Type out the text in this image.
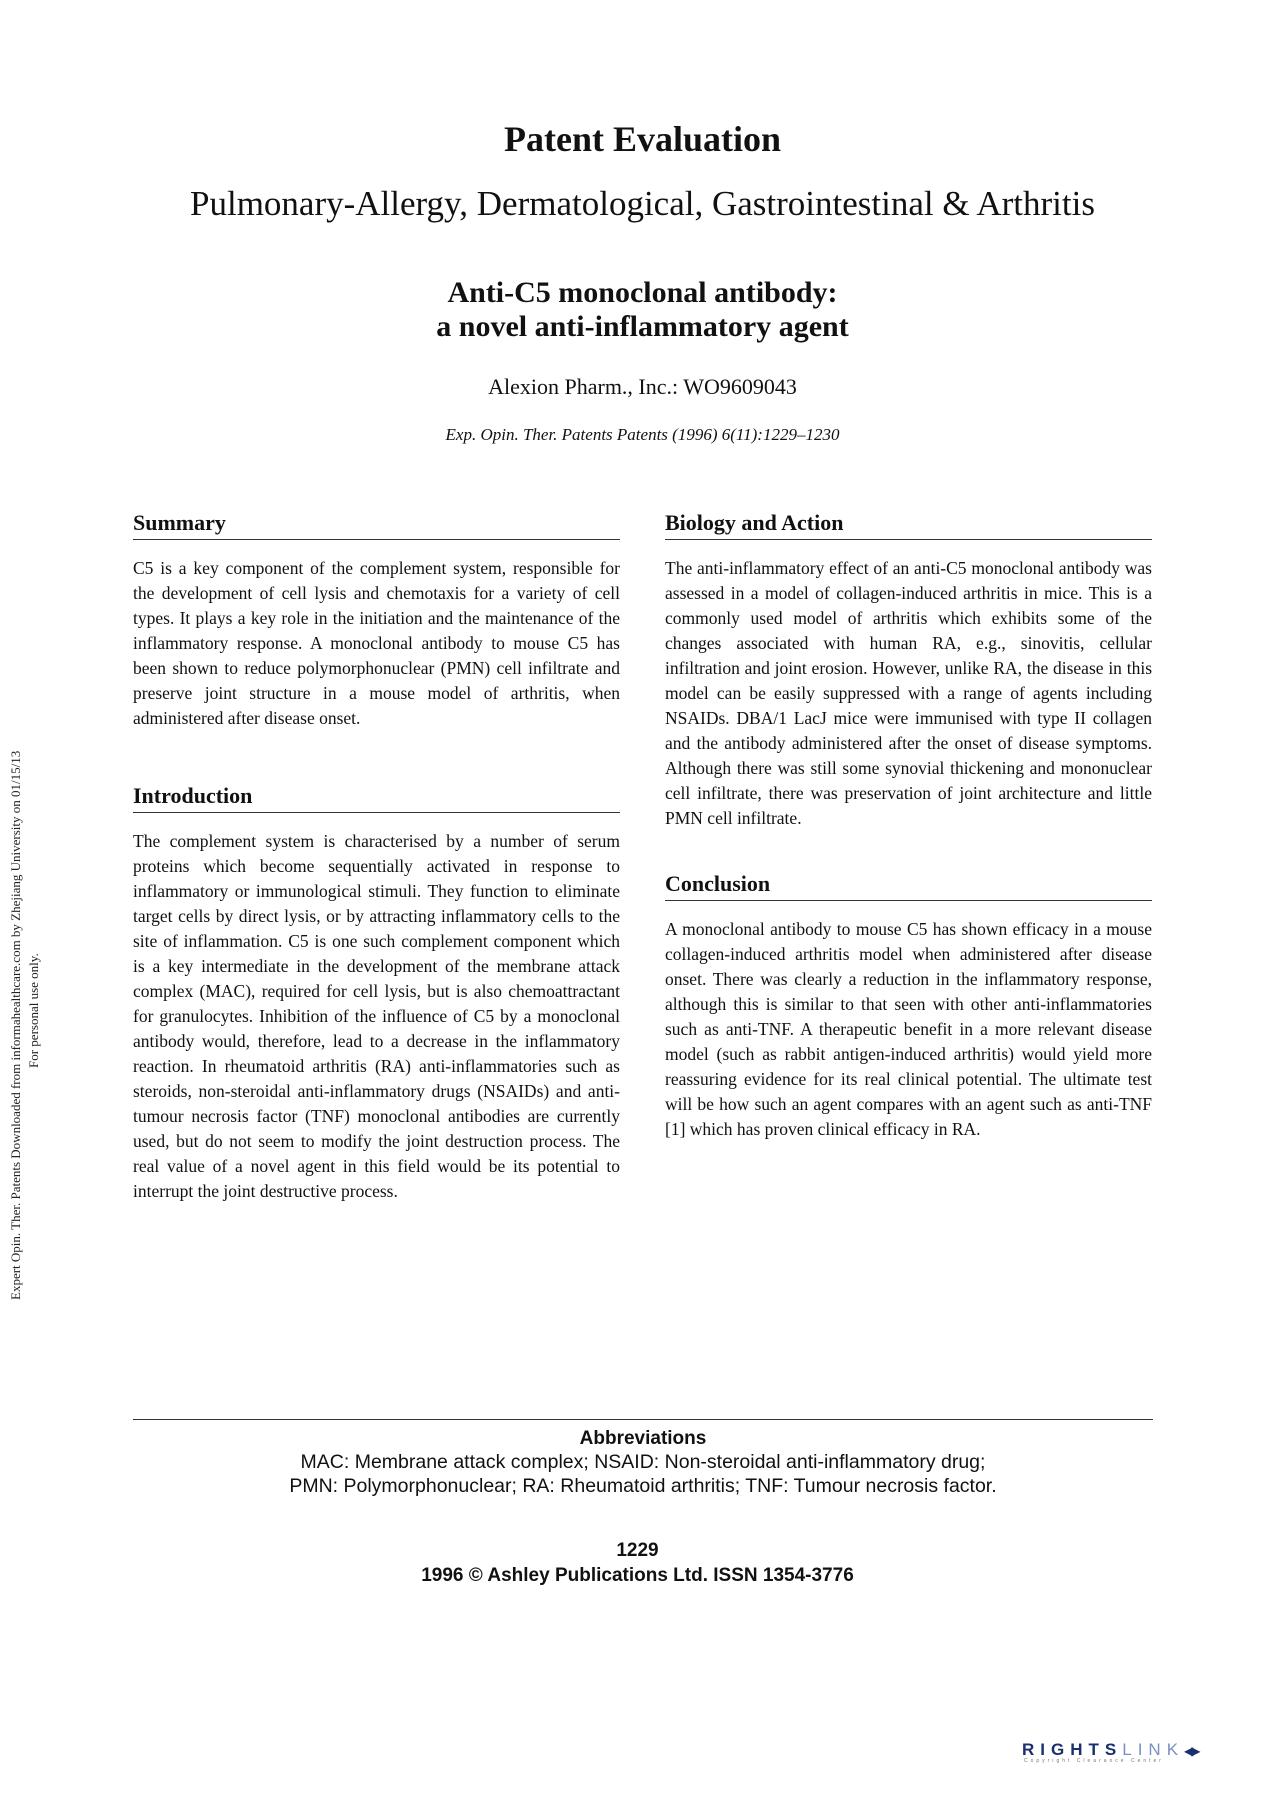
Expert Opin. Ther. Patents Downloaded from informahealthcare.com by Zhejiang University on 01/15/13 For personal use only.
Patent Evaluation
Pulmonary-Allergy, Dermatological, Gastrointestinal & Arthritis
Anti-C5 monoclonal antibody:
a novel anti-inflammatory agent
Alexion Pharm., Inc.: WO9609043
Exp. Opin. Ther. Patents Patents (1996) 6(11):1229–1230
Summary

C5 is a key component of the complement system, responsible for the development of cell lysis and chemotaxis for a variety of cell types. It plays a key role in the initiation and the maintenance of the inflammatory response. A monoclonal antibody to mouse C5 has been shown to reduce polymorphonuclear (PMN) cell infiltrate and preserve joint structure in a mouse model of arthritis, when administered after disease onset.

Introduction

The complement system is characterised by a number of serum proteins which become sequentially activated in response to inflammatory or immunological stimuli. They function to eliminate target cells by direct lysis, or by attracting inflammatory cells to the site of inflammation. C5 is one such complement component which is a key intermediate in the development of the membrane attack complex (MAC), required for cell lysis, but is also chemoattractant for granulocytes. Inhibition of the influence of C5 by a monoclonal antibody would, therefore, lead to a decrease in the inflammatory reaction. In rheumatoid arthritis (RA) anti-inflammatories such as steroids, non-steroidal anti-inflammatory drugs (NSAIDs) and anti-tumour necrosis factor (TNF) monoclonal antibodies are currently used, but do not seem to modify the joint destruction process. The real value of a novel agent in this field would be its potential to interrupt the joint destructive process.

Biology and Action

The anti-inflammatory effect of an anti-C5 monoclonal antibody was assessed in a model of collagen-induced arthritis in mice. This is a commonly used model of arthritis which exhibits some of the changes associated with human RA, e.g., sinovitis, cellular infiltration and joint erosion. However, unlike RA, the disease in this model can be easily suppressed with a range of agents including NSAIDs. DBA/1 LacJ mice were immunised with type II collagen and the antibody administered after the onset of disease symptoms. Although there was still some synovial thickening and mononuclear cell infiltrate, there was preservation of joint architecture and little PMN cell infiltrate.

Conclusion

A monoclonal antibody to mouse C5 has shown efficacy in a mouse collagen-induced arthritis model when administered after disease onset. There was clearly a reduction in the inflammatory response, although this is similar to that seen with other anti-inflammatories such as anti-TNF. A therapeutic benefit in a more relevant disease model (such as rabbit antigen-induced arthritis) would yield more reassuring evidence for its real clinical potential. The ultimate test will be how such an agent compares with an agent such as anti-TNF [1] which has proven clinical efficacy in RA.

Abbreviations
MAC: Membrane attack complex; NSAID: Non-steroidal anti-inflammatory drug;
PMN: Polymorphonuclear; RA: Rheumatoid arthritis; TNF: Tumour necrosis factor.
1229
1996 © Ashley Publications Ltd. ISSN 1354-3776
RIGHTSLINK◀▶
Copyright Clearance Center
